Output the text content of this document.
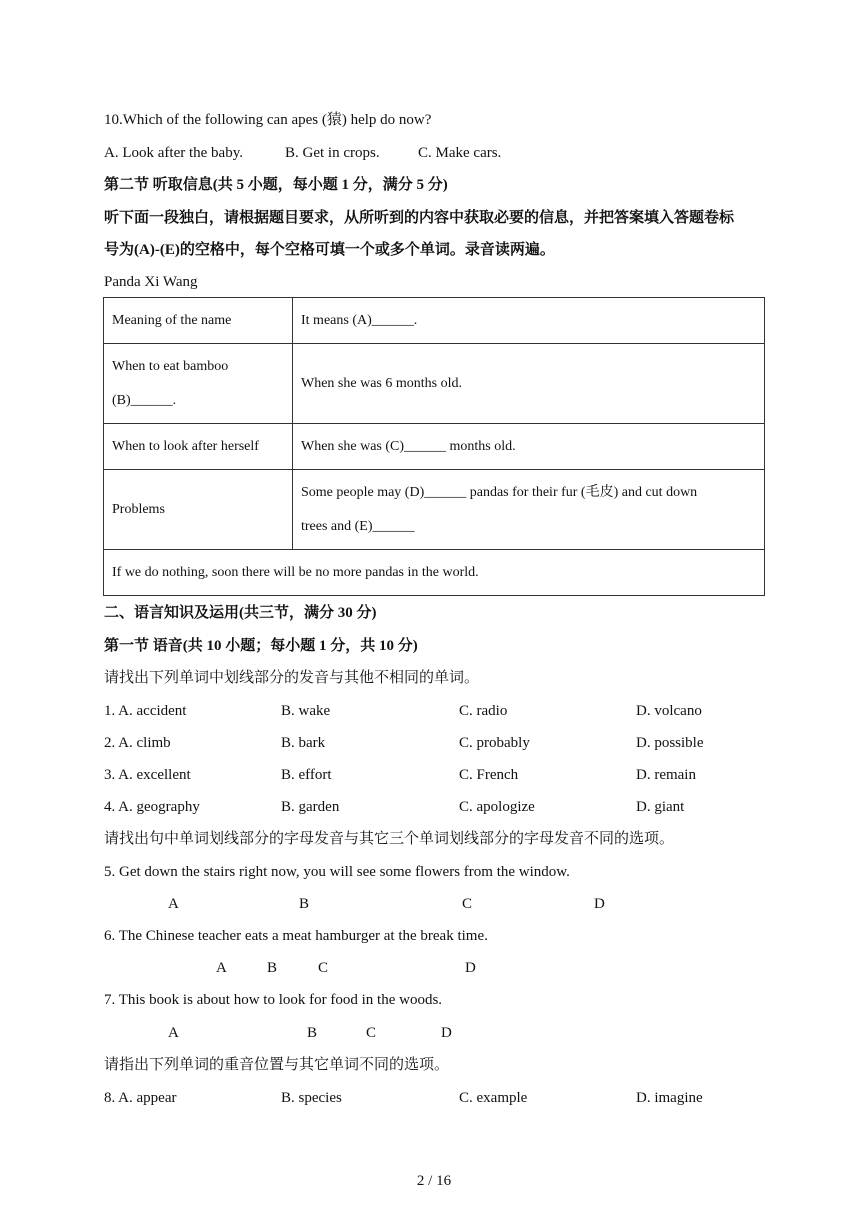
10.Which of the following can apes (猿) help do now?
A. Look after the baby.	B. Get in crops.	C. Make cars.
第二节 听取信息(共 5 小题，每小题 1 分，满分 5 分)
听下面一段独白，请根据题目要求，从所听到的内容中获取必要的信息，并把答案填入答题卷标
号为(A)-(E)的空格中，每个空格可填一个或多个单词。录音读两遍。
Panda Xi Wang
Meaning of the name	It means (A)______.

When to eat bamboo
(B)______.	When she was 6 months old.
When to look after herself	When she was (C)______ months old.
Problems	Some people may (D)______ pandas for their fur (毛皮) and cut down
trees and (E)______

If we do nothing, soon there will be no more pandas in the world.	
二、语言知识及运用(共三节，满分 30 分)
第一节 语音(共 10 小题；每小题 1 分，共 10 分)
请找出下列单词中划线部分的发音与其他不相同的单词。
1. A. accident	B. wake	C. radio	D. volcano
2. A. climb	B. bark	C. probably	D. possible
3. A. excellent	B. effort	C. French	D. remain
4. A. geography	B. garden	C. apologize	D. giant
请找出句中单词划线部分的字母发音与其它三个单词划线部分的字母发音不同的选项。
5. Get down the stairs right now, you will see some flowers from the window.
A	B	C	D
6. The Chinese teacher eats a meat hamburger at the break time.
A	B	C	D
7. This book is about how to look for food in the woods.
A	B	C	D
请指出下列单词的重音位置与其它单词不同的选项。
8. A. appear	B. species	C. example	D. imagine
2 / 16
